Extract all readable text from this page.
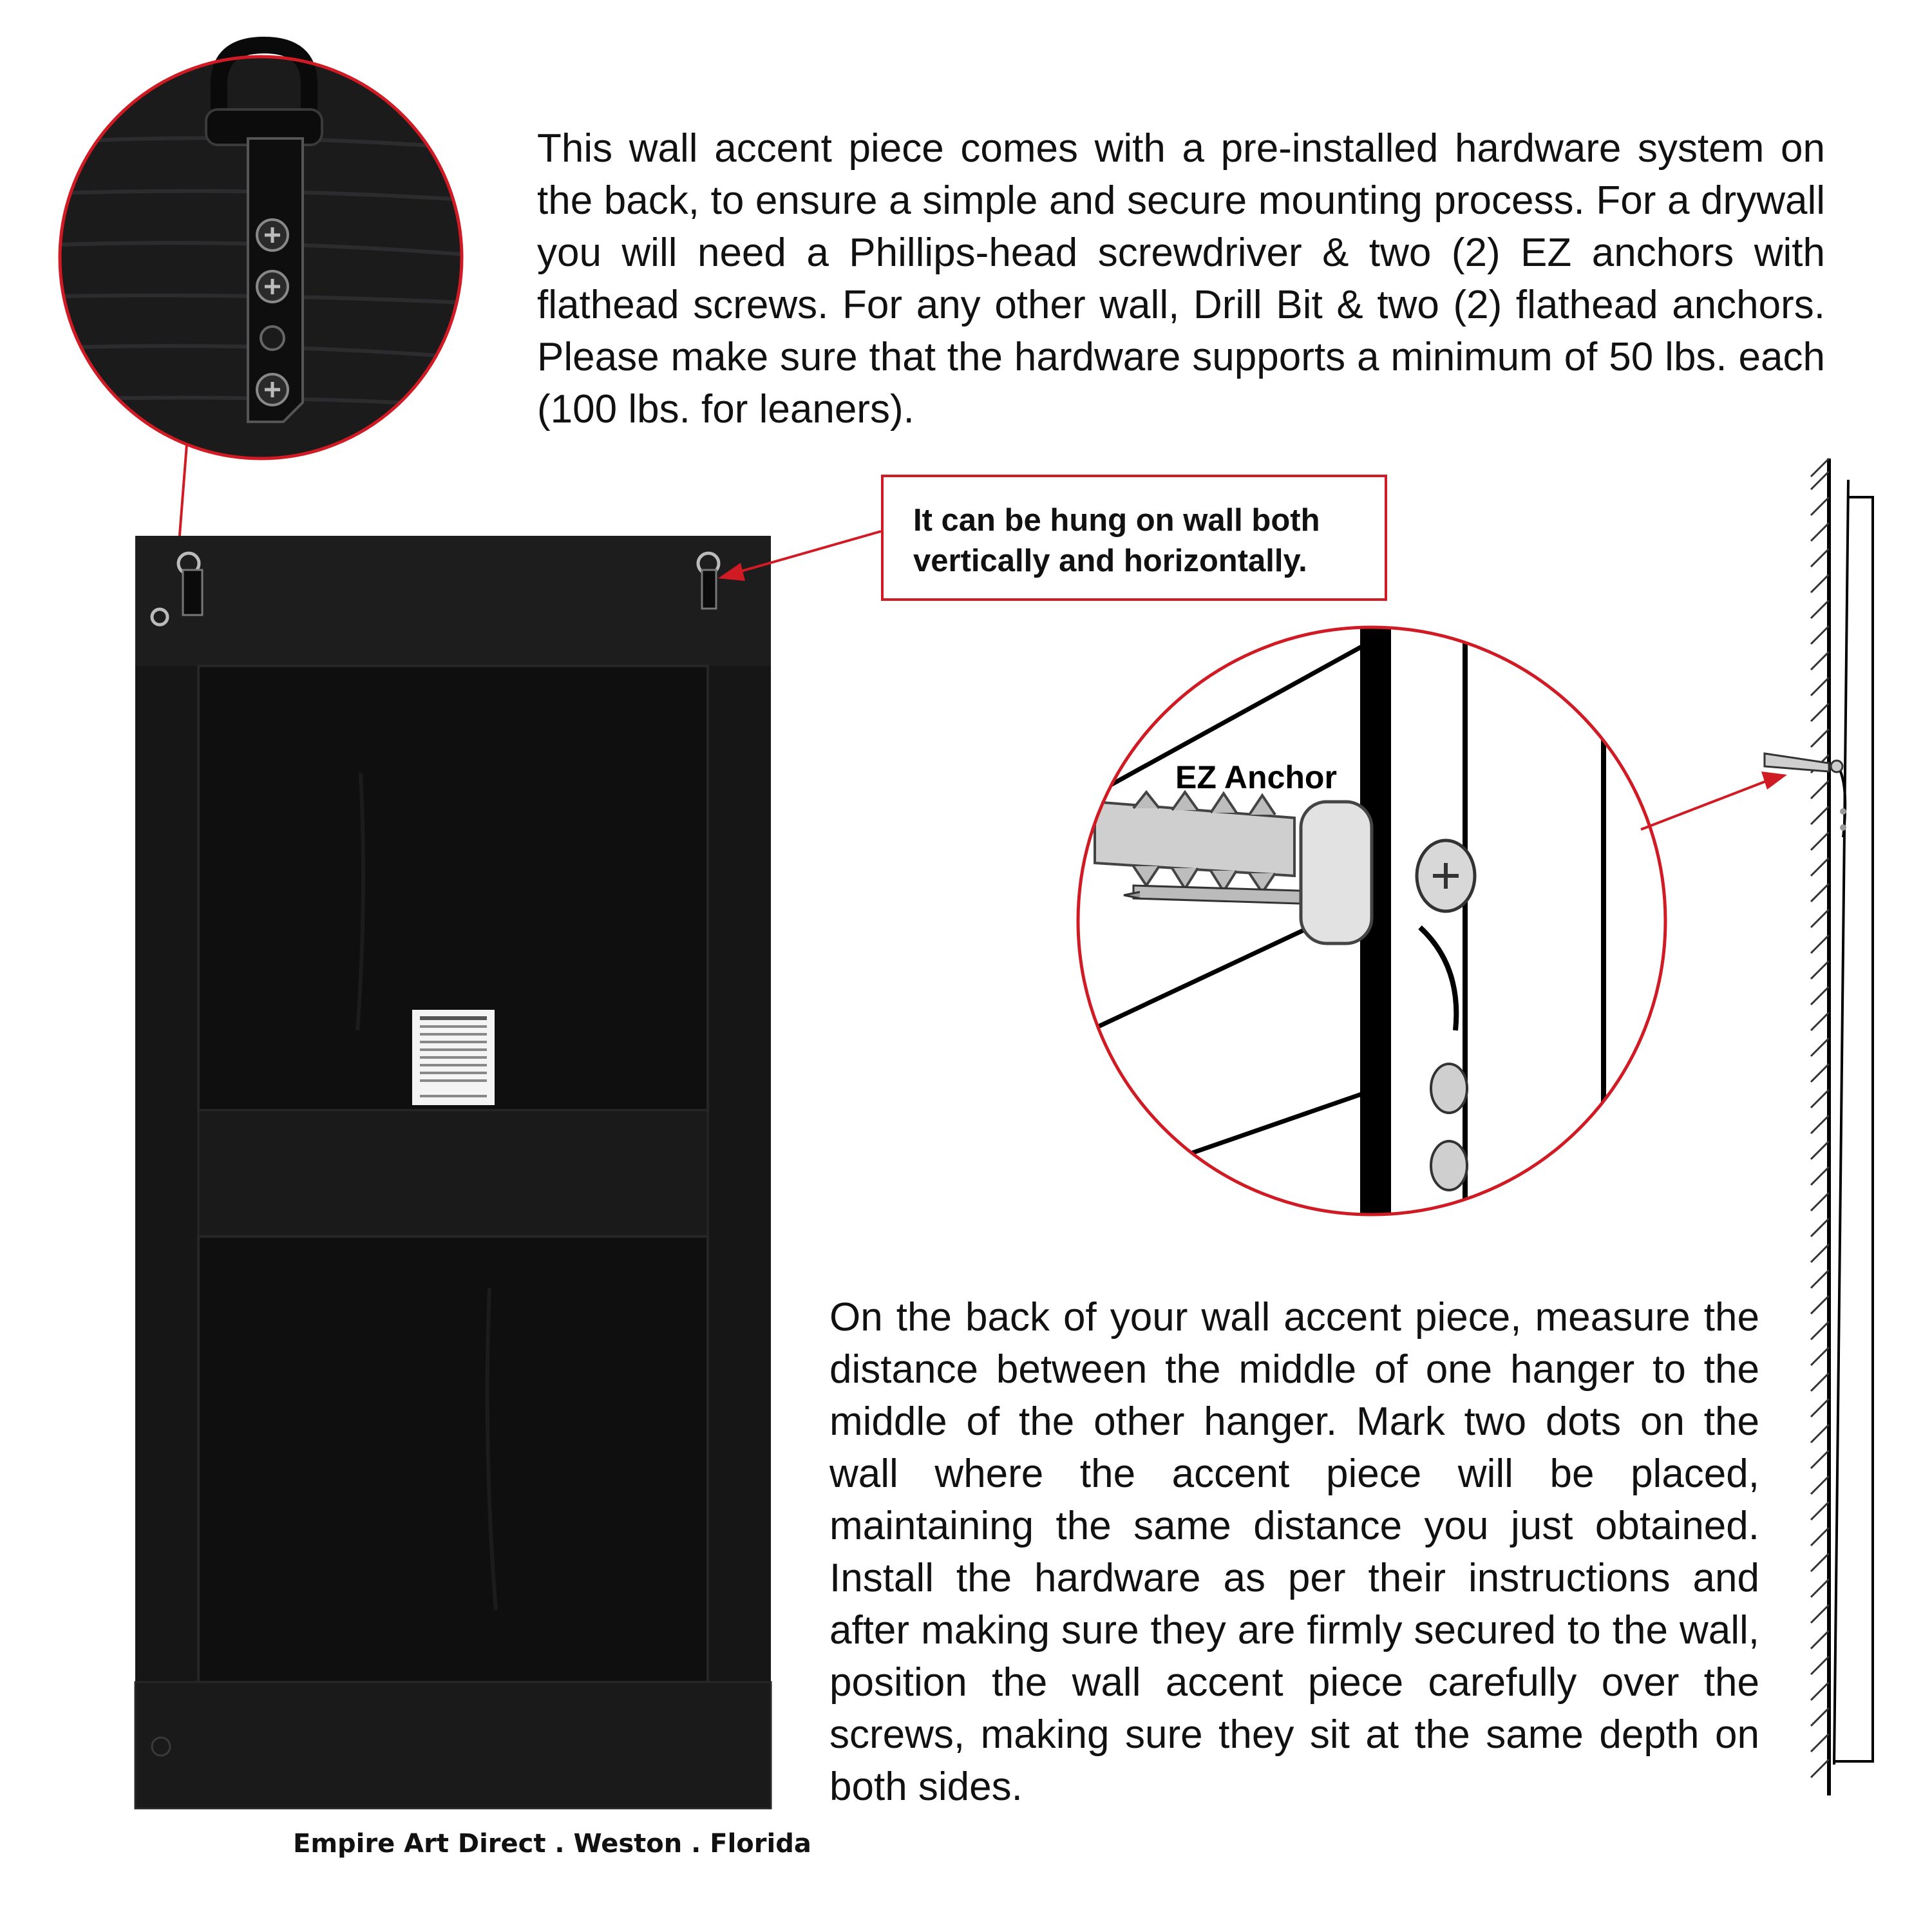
This wall accent piece comes with a pre-installed hardware system on the back, to ensure a simple and secure mounting process. For a drywall you will need a Phillips-head screwdriver & two (2) EZ anchors with flathead screws. For any other wall, Drill Bit & two (2) flathead anchors. Please make sure that the hardware supports a minimum of 50 lbs. each (100 lbs. for leaners).

It can be hung on wall both vertically and horizontally.

EZ Anchor

On the back of your wall accent piece, measure the distance between the middle of one hanger to the middle of the other hanger. Mark two dots on the wall where the accent piece will be placed, maintaining the same distance you just obtained. Install the hardware as per their instructions and after making sure they are firmly secured to the wall, position the wall accent piece carefully over the screws, making sure they sit at the same depth on both sides.

Empire Art Direct . Weston . Florida
